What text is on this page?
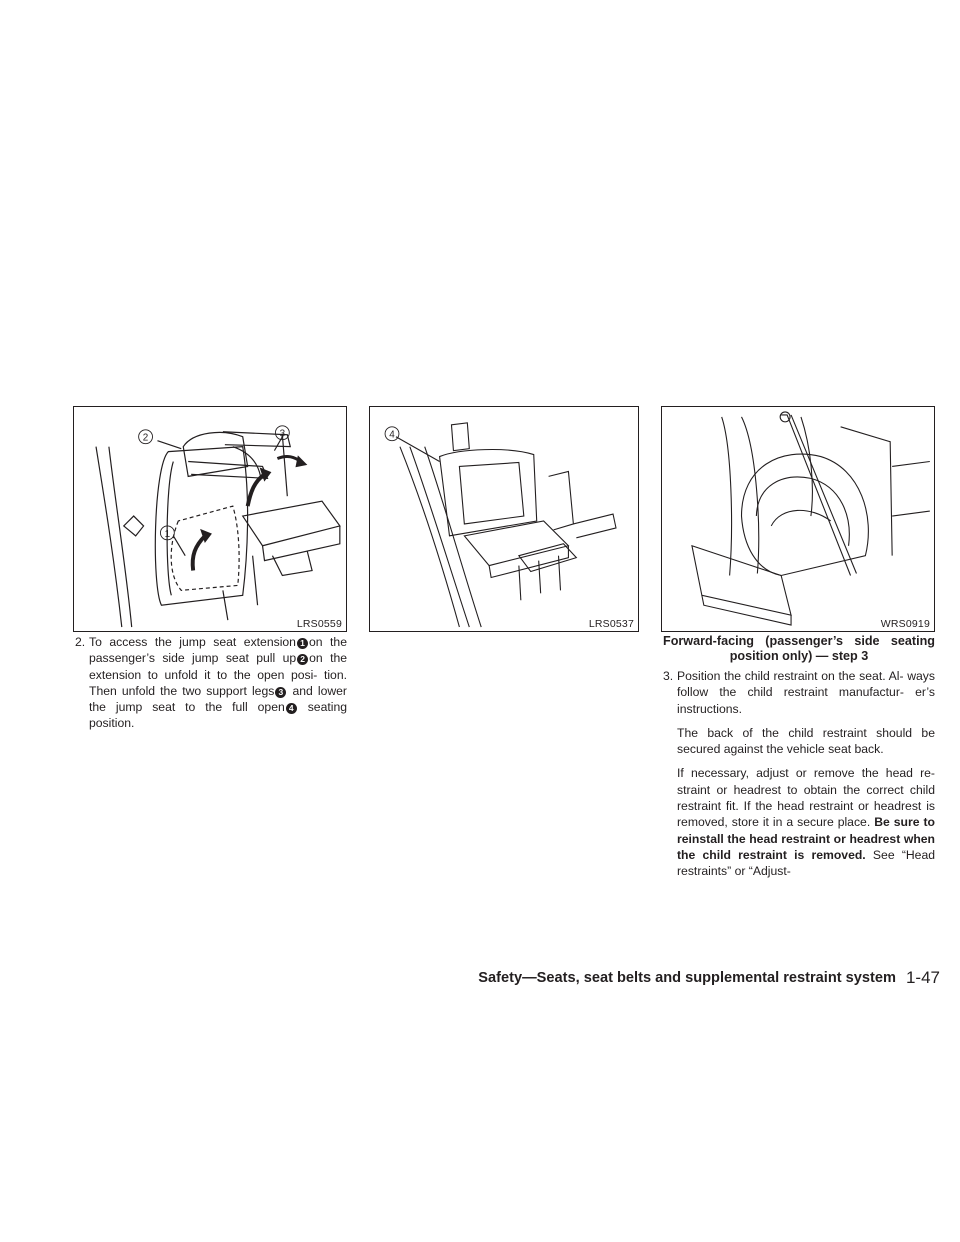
2	3
1
LRS0559
4
LRS0537	WRS0919

2. To access the jump seat extension 1 on the passenger’s side jump seat pull up 2 on the extension to unfold it to the open posi- tion. Then unfold the two support legs 3 and lower the jump seat to the full open 4 seating position.

Forward-facing (passenger’s side seating position only) — step 3

3. Position the child restraint on the seat. Al- ways follow the child restraint manufactur- er’s instructions.

The back of the child restraint should be secured against the vehicle seat back.

If necessary, adjust or remove the head re- straint or headrest to obtain the correct child restraint fit. If the head restraint or headrest is removed, store it in a secure place. Be sure to reinstall the head restraint or headrest when the child restraint is removed. See “Head restraints” or “Adjust-

Safety—Seats, seat belts and supplemental restraint system 1-47
